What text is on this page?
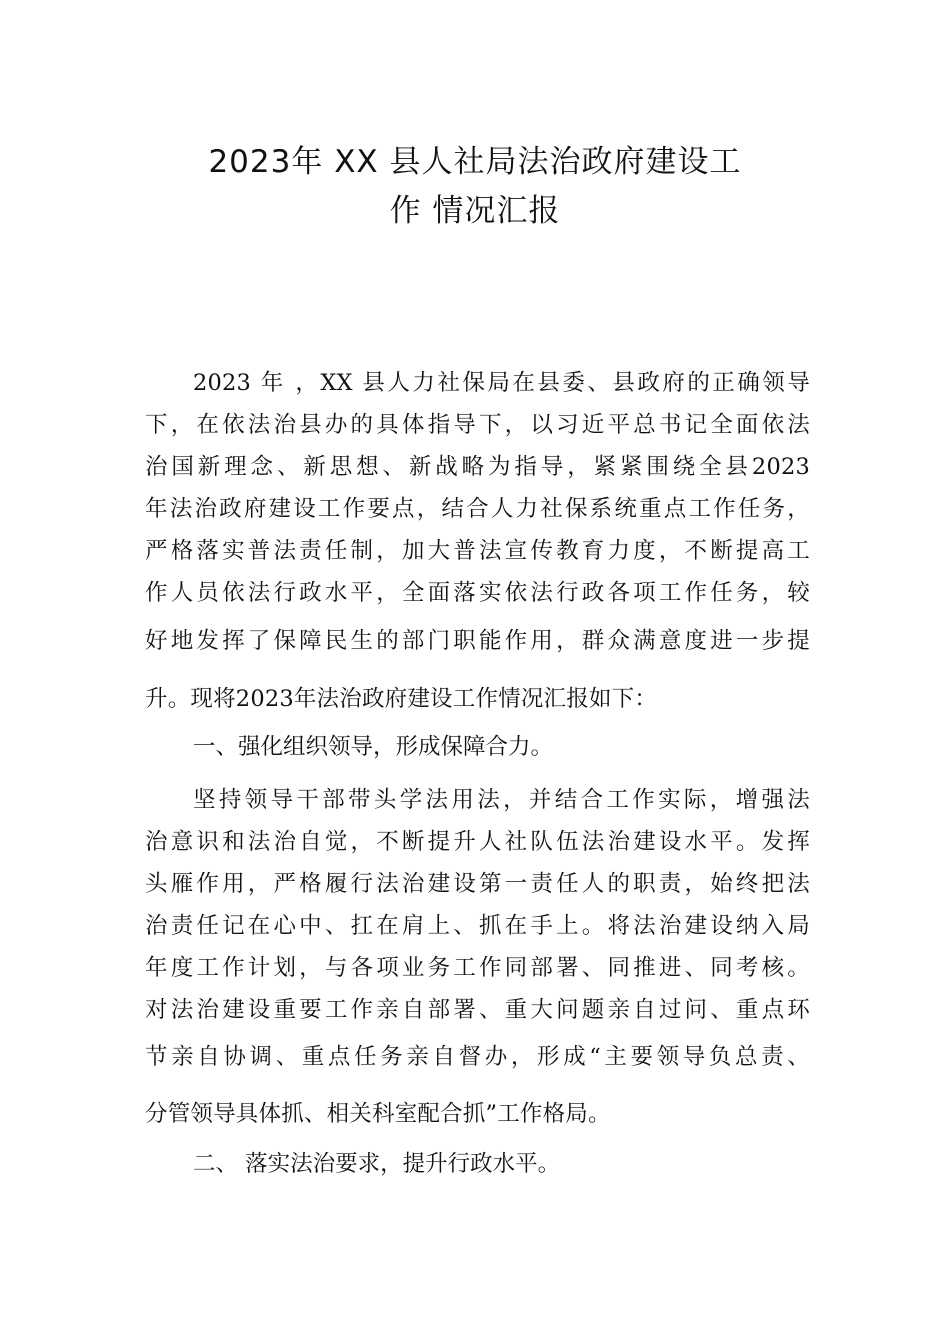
2023年 XX 县人社局法治政府建设工
作 情况汇报
2023 年 ，XX 县人力社保局在县委、县政府的正确领导
下，在依法治县办的具体指导下，以习近平总书记全面依法
治国新理念、新思想、新战略为指导，紧紧围绕全县2023
年法治政府建设工作要点，结合人力社保系统重点工作任务，
严格落实普法责任制，加大普法宣传教育力度，不断提高工
作人员依法行政水平，全面落实依法行政各项工作任务，较
好地发挥了保障民生的部门职能作用，群众满意度进一步提
升。现将2023年法治政府建设工作情况汇报如下：
一、强化组织领导，形成保障合力。
坚持领导干部带头学法用法，并结合工作实际，增强法
治意识和法治自觉，不断提升人社队伍法治建设水平。发挥
头雁作用，严格履行法治建设第一责任人的职责，始终把法
治责任记在心中、扛在肩上、抓在手上。将法治建设纳入局
年度工作计划，与各项业务工作同部署、同推进、同考核。
对法治建设重要工作亲自部署、重大问题亲自过问、重点环
节亲自协调、重点任务亲自督办，形成“主要领导负总责、
分管领导具体抓、相关科室配合抓”工作格局。
二、 落实法治要求，提升行政水平。
